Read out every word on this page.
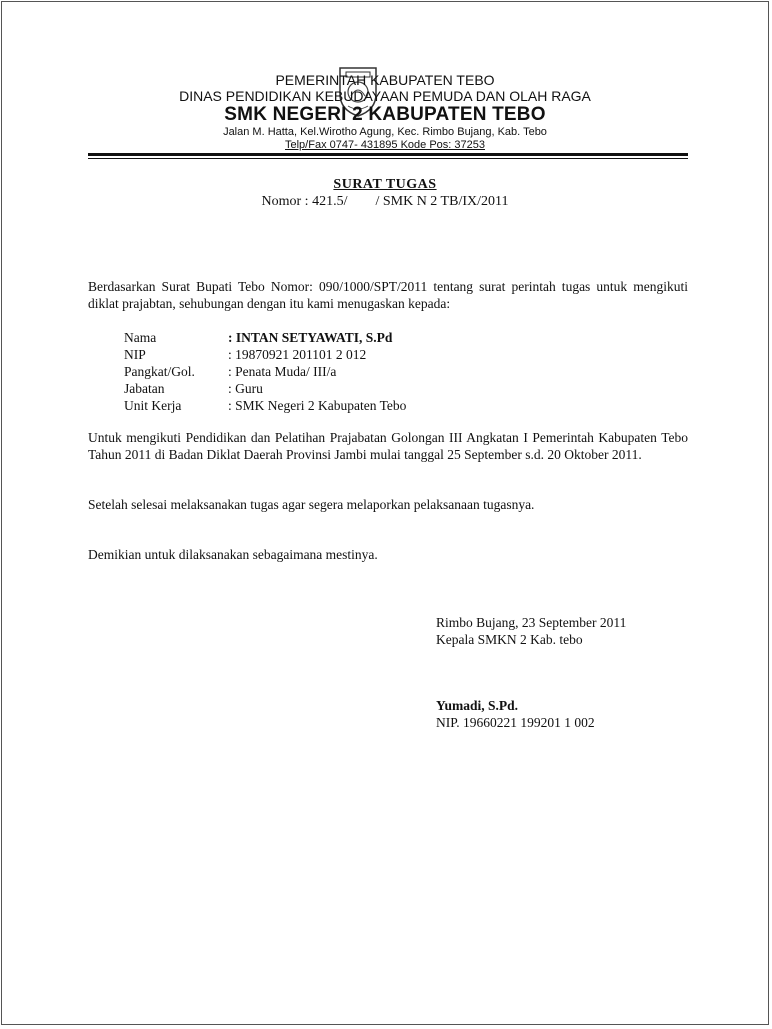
PEMERINTAH KABUPATEN TEBO
DINAS PENDIDIKAN KEBUDAYAAN PEMUDA DAN OLAH RAGA
SMK NEGERI 2 KABUPATEN TEBO
Jalan M. Hatta, Kel.Wirotho Agung, Kec. Rimbo Bujang, Kab. Tebo
Telp/Fax 0747- 431895 Kode Pos: 37253
SURAT TUGAS
Nomor : 421.5/        / SMK N 2 TB/IX/2011
Berdasarkan Surat Bupati Tebo Nomor: 090/1000/SPT/2011 tentang surat perintah tugas untuk mengikuti diklat prajabtan, sehubungan dengan itu kami menugaskan kepada:
Nama	: INTAN SETYAWATI, S.Pd
NIP	: 19870921 201101 2 012
Pangkat/Gol.	: Penata Muda/ III/a
Jabatan	: Guru
Unit Kerja	: SMK Negeri 2 Kabupaten Tebo
Untuk mengikuti Pendidikan dan Pelatihan Prajabatan Golongan III Angkatan I Pemerintah Kabupaten Tebo Tahun 2011 di Badan Diklat Daerah Provinsi Jambi mulai tanggal 25 September s.d. 20 Oktober 2011.
Setelah selesai melaksanakan tugas agar segera melaporkan pelaksanaan tugasnya.
Demikian untuk dilaksanakan sebagaimana mestinya.
Rimbo Bujang, 23 September 2011
Kepala SMKN 2 Kab. tebo
Yumadi, S.Pd.
NIP. 19660221 199201 1 002
